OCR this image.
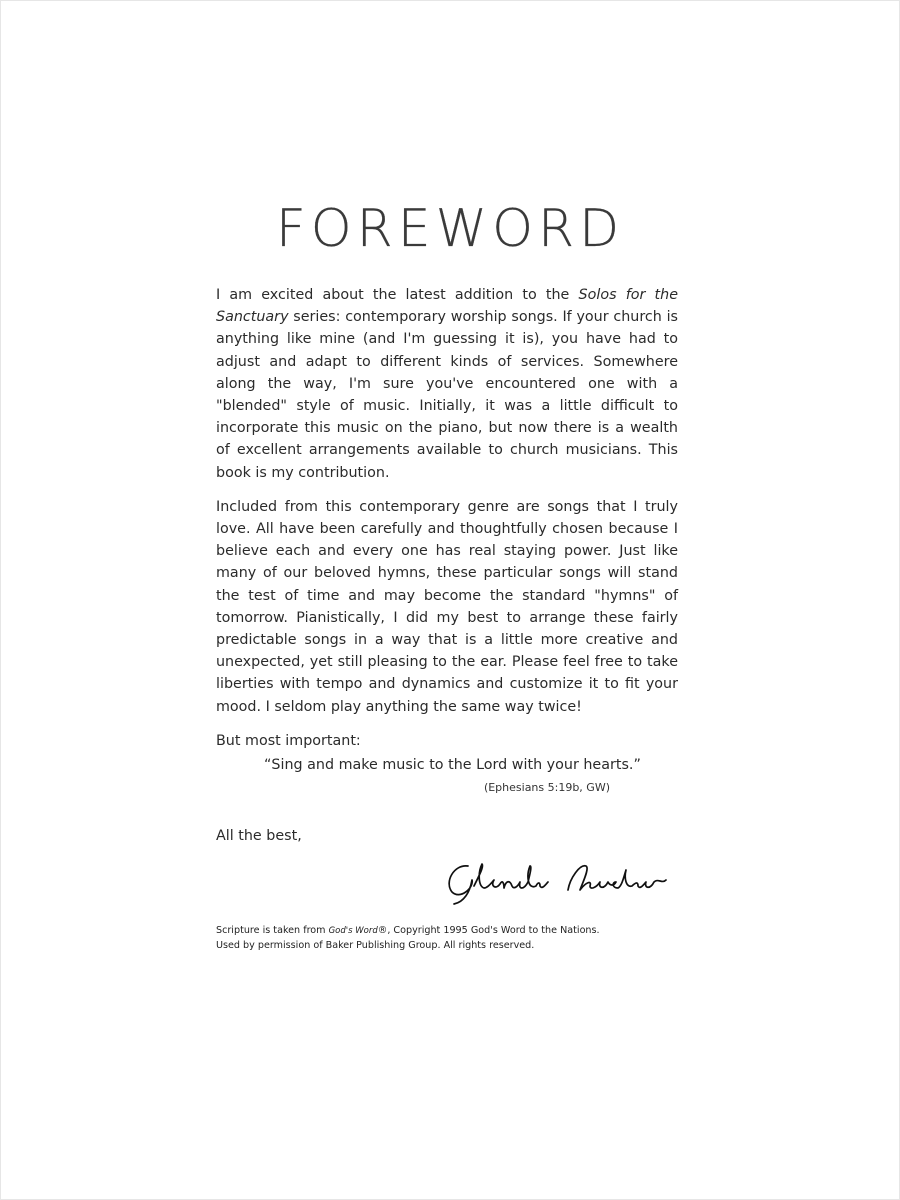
FOREWORD

I am excited about the latest addition to the Solos for the Sanctuary series: contemporary worship songs. If your church is anything like mine (and I'm guessing it is), you have had to adjust and adapt to different kinds of services. Somewhere along the way, I'm sure you've encountered one with a "blended" style of music. Initially, it was a little difficult to incorporate this music on the piano, but now there is a wealth of excellent arrangements available to church musicians. This book is my contribution.

Included from this contemporary genre are songs that I truly love. All have been carefully and thoughtfully chosen because I believe each and every one has real staying power. Just like many of our beloved hymns, these particular songs will stand the test of time and may become the standard "hymns" of tomorrow. Pianistically, I did my best to arrange these fairly predictable songs in a way that is a little more creative and unexpected, yet still pleasing to the ear. Please feel free to take liberties with tempo and dynamics and customize it to fit your mood. I seldom play anything the same way twice!

But most important:

“Sing and make music to the Lord with your hearts.”

(Ephesians 5:19b, GW)

All the best,

Scripture is taken from God's Word®, Copyright 1995 God's Word to the Nations.
Used by permission of Baker Publishing Group. All rights reserved.
